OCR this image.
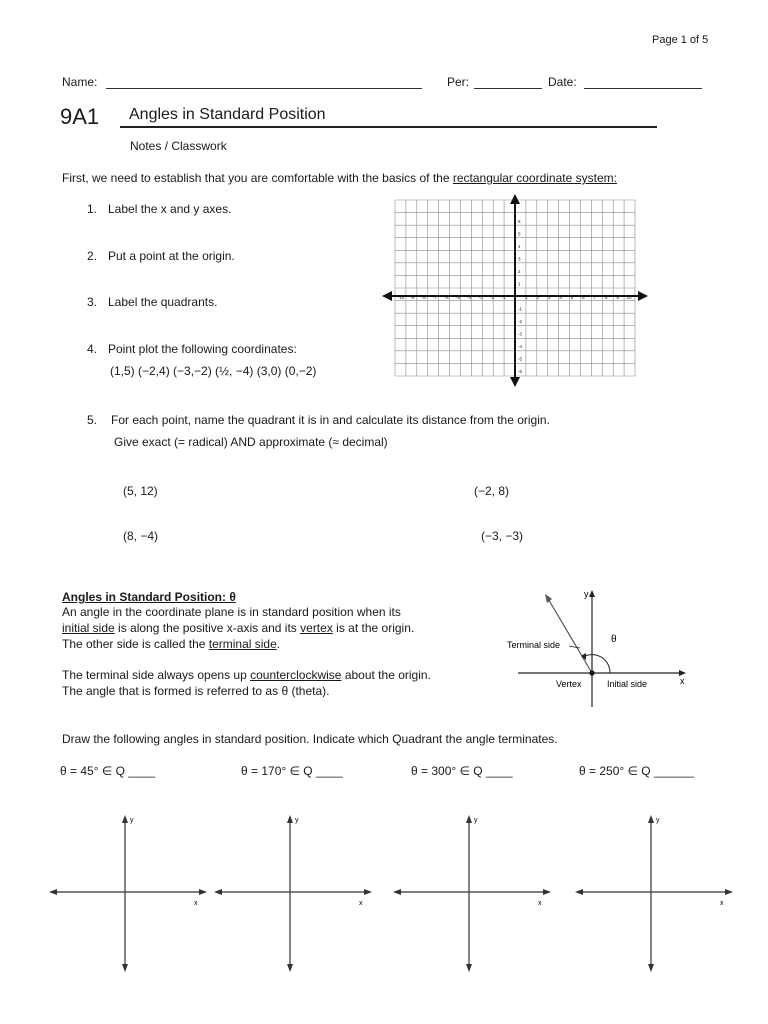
Page 1 of 5
Name:	Per:	Date:
9A1 Angles in Standard Position
Notes / Classwork
First, we need to establish that you are comfortable with the basics of the rectangular coordinate system:
1. Label the x and y axes.
2. Put a point at the origin.
3. Label the quadrants.
4. Point plot the following coordinates:
(1,5) (−2,4) (−3,−2) (½, −4) (3,0) (0,−2)
-10 -9 -8 -7 -6 -5 -4 -3 -2 -1	1 2 3 4 5 6 7 8 9 10
6
5
4
3
2
1
-1
-2
-3
-4
-5
-6
5. For each point, name the quadrant it is in and calculate its distance from the origin.
Give exact (= radical) AND approximate (≈ decimal)
(5, 12)	(−2, 8)
(8, −4)	(−3, −3)
Angles in Standard Position: θ
An angle in the coordinate plane is in standard position when its
initial side is along the positive x-axis and its vertex is at the origin.
The other side is called the terminal side.
The terminal side always opens up counterclockwise about the origin.
The angle that is formed is referred to as θ (theta).
y
x
Terminal side	θ
Vertex	Initial side
Draw the following angles in standard position. Indicate which Quadrant the angle terminates.
θ = 45° ∈ Q ____	θ = 170° ∈ Q ____	θ = 300° ∈ Q ____	θ = 250° ∈ Q ______
y
x
y
x
y
x
y
x
